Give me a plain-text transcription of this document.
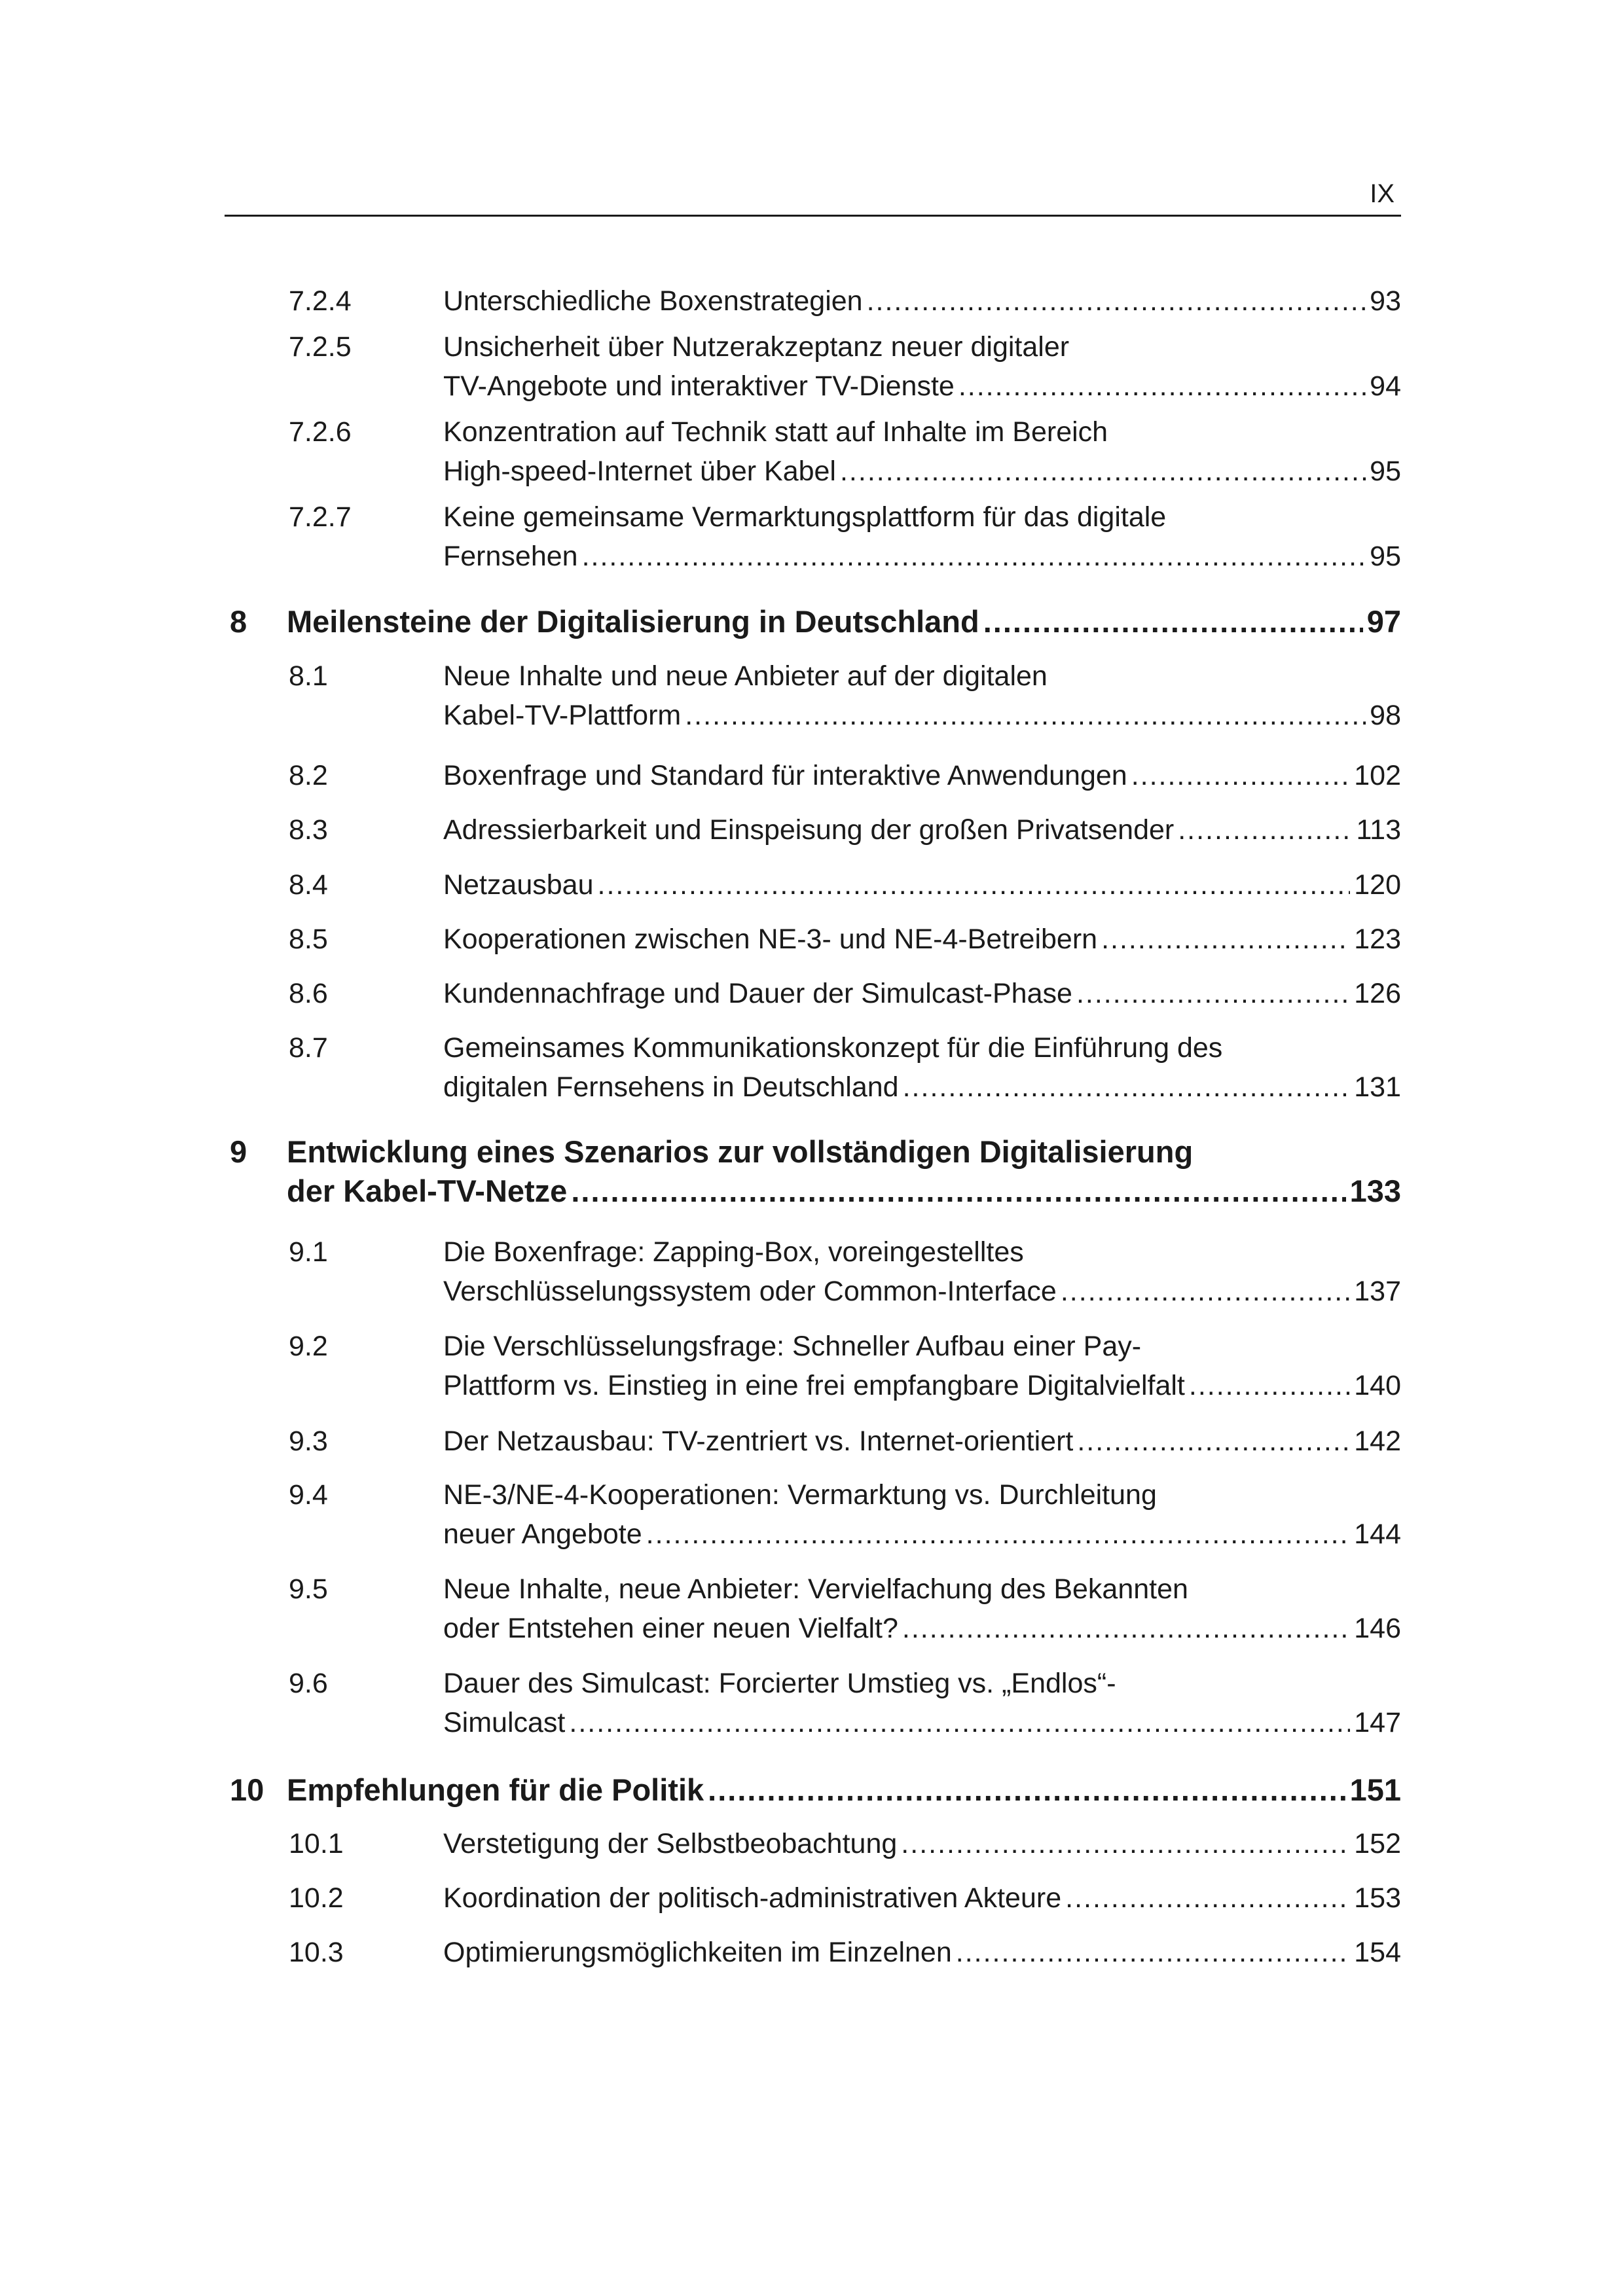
IX
7.2.4	Unterschiedliche Boxenstrategien .....	93
7.2.5	Unsicherheit über Nutzerakzeptanz neuer digitaler
TV-Angebote und interaktiver TV-Dienste .....	94
7.2.6	Konzentration auf Technik statt auf Inhalte im Bereich
High-speed-Internet über Kabel .....	95
7.2.7	Keine gemeinsame Vermarktungsplattform für das digitale
Fernsehen .....	95
8 Meilensteine der Digitalisierung in Deutschland .....	97
8.1	Neue Inhalte und neue Anbieter auf der digitalen
Kabel-TV-Plattform .....	98
8.2	Boxenfrage und Standard für interaktive Anwendungen .....	102
8.3	Adressierbarkeit und Einspeisung der großen Privatsender .....	113
8.4	Netzausbau .....	120
8.5	Kooperationen zwischen NE-3- und NE-4-Betreibern .....	123
8.6	Kundennachfrage und Dauer der Simulcast-Phase .....	126
8.7	Gemeinsames Kommunikationskonzept für die Einführung des
digitalen Fernsehens in Deutschland .....	131
9 Entwicklung eines Szenarios zur vollständigen Digitalisierung
der Kabel-TV-Netze .....	133
9.1	Die Boxenfrage: Zapping-Box, voreingestelltes
Verschlüsselungssystem oder Common-Interface .....	137
9.2	Die Verschlüsselungsfrage: Schneller Aufbau einer Pay-
Plattform vs. Einstieg in eine frei empfangbare Digitalvielfalt .....	140
9.3	Der Netzausbau: TV-zentriert vs. Internet-orientiert .....	142
9.4	NE-3/NE-4-Kooperationen: Vermarktung vs. Durchleitung
neuer Angebote .....	144
9.5	Neue Inhalte, neue Anbieter: Vervielfachung des Bekannten
oder Entstehen einer neuen Vielfalt? .....	146
9.6	Dauer des Simulcast: Forcierter Umstieg vs. „Endlos“-
Simulcast .....	147
10 Empfehlungen für die Politik .....	151
10.1	Verstetigung der Selbstbeobachtung .....	152
10.2	Koordination der politisch-administrativen Akteure .....	153
10.3	Optimierungsmöglichkeiten im Einzelnen .....	154
